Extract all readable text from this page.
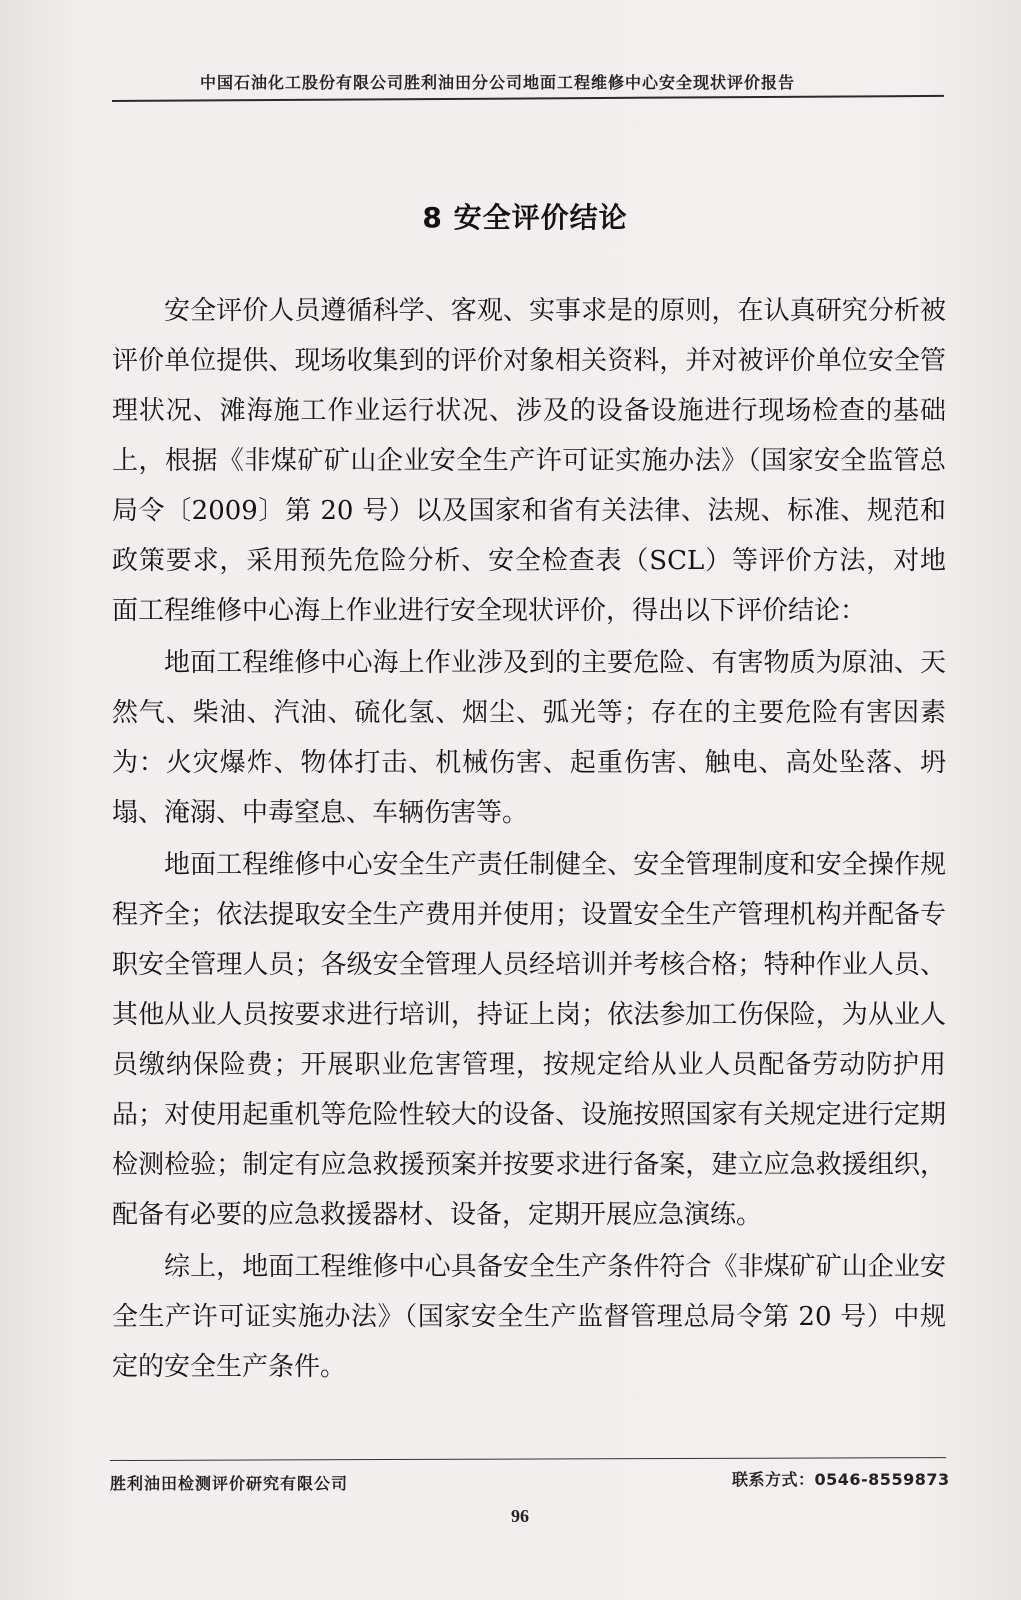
中国石油化工股份有限公司胜利油田分公司地面工程维修中心安全现状评价报告
8 安全评价结论

安全评价人员遵循科学、客观、实事求是的原则，在认真研究分析被评价单位提供、现场收集到的评价对象相关资料，并对被评价单位安全管理状况、滩海施工作业运行状况、涉及的设备设施进行现场检查的基础上，根据《非煤矿矿山企业安全生产许可证实施办法》（国家安全监管总局令〔2009〕第 20 号）以及国家和省有关法律、法规、标准、规范和政策要求，采用预先危险分析、安全检查表（SCL）等评价方法，对地面工程维修中心海上作业进行安全现状评价，得出以下评价结论：

地面工程维修中心海上作业涉及到的主要危险、有害物质为原油、天然气、柴油、汽油、硫化氢、烟尘、弧光等；存在的主要危险有害因素为：火灾爆炸、物体打击、机械伤害、起重伤害、触电、高处坠落、坍塌、淹溺、中毒窒息、车辆伤害等。

地面工程维修中心安全生产责任制健全、安全管理制度和安全操作规程齐全；依法提取安全生产费用并使用；设置安全生产管理机构并配备专职安全管理人员；各级安全管理人员经培训并考核合格；特种作业人员、其他从业人员按要求进行培训，持证上岗；依法参加工伤保险，为从业人员缴纳保险费；开展职业危害管理，按规定给从业人员配备劳动防护用品；对使用起重机等危险性较大的设备、设施按照国家有关规定进行定期检测检验；制定有应急救援预案并按要求进行备案，建立应急救援组织，配备有必要的应急救援器材、设备，定期开展应急演练。

综上，地面工程维修中心具备安全生产条件符合《非煤矿矿山企业安全生产许可证实施办法》（国家安全生产监督管理总局令第 20 号）中规定的安全生产条件。

胜利油田检测评价研究有限公司	联系方式：0546-8559873
96
